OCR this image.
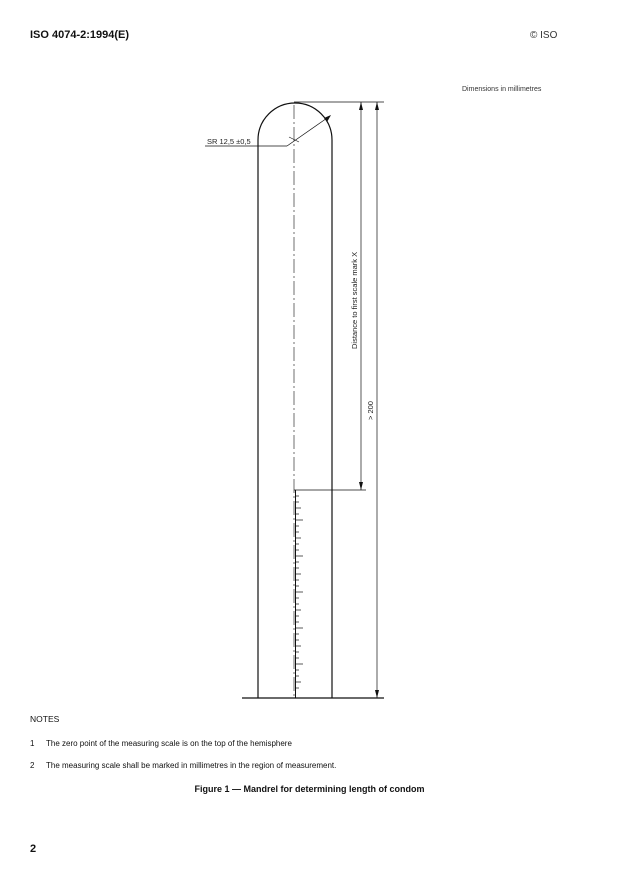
ISO 4074-2:1994(E)	© ISO
Dimensions in millimetres
SR 12,5 ±0,5
Distance to first scale mark X
> 200
NOTES
1 The zero point of the measuring scale is on the top of the hemisphere
2 The measuring scale shall be marked in millimetres in the region of measurement.
Figure 1 — Mandrel for determining length of condom
2
